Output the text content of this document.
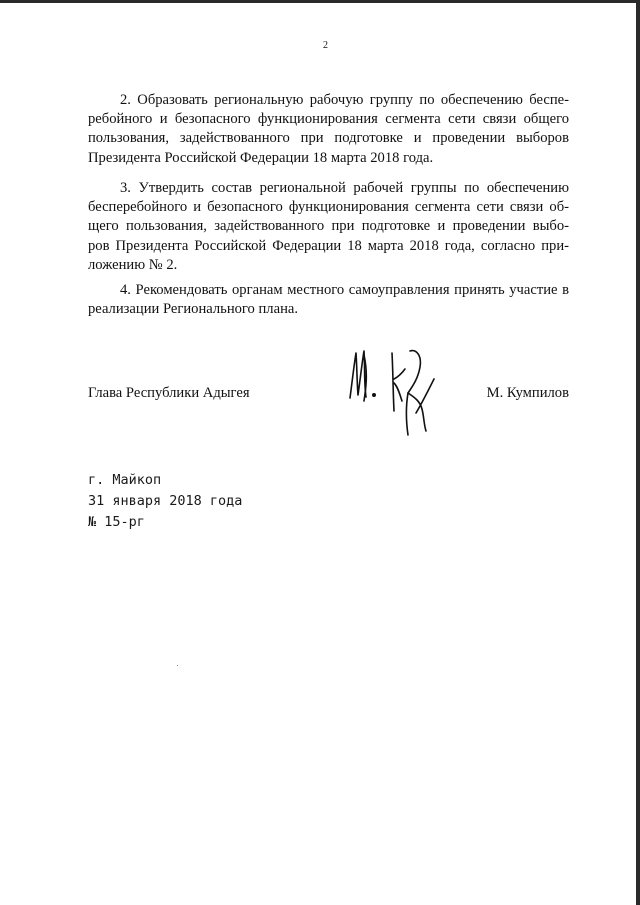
2
2. Образовать региональную рабочую группу по обеспечению беспе-
ребойного и безопасного функционирования сегмента сети связи общего
пользования, задействованного при подготовке и проведении выборов
Президента Российской Федерации 18 марта 2018 года.
3. Утвердить состав региональной рабочей группы по обеспечению
бесперебойного и безопасного функционирования сегмента сети связи об-
щего пользования, задействованного при подготовке и проведении выбо-
ров Президента Российской Федерации 18 марта 2018 года, согласно при-
ложению № 2.
4. Рекомендовать органам местного самоуправления принять участие в
реализации Регионального плана.
Глава Республики Адыгея	М. Кумпилов
г. Майкоп
31 января 2018 года
№ 15-рг
